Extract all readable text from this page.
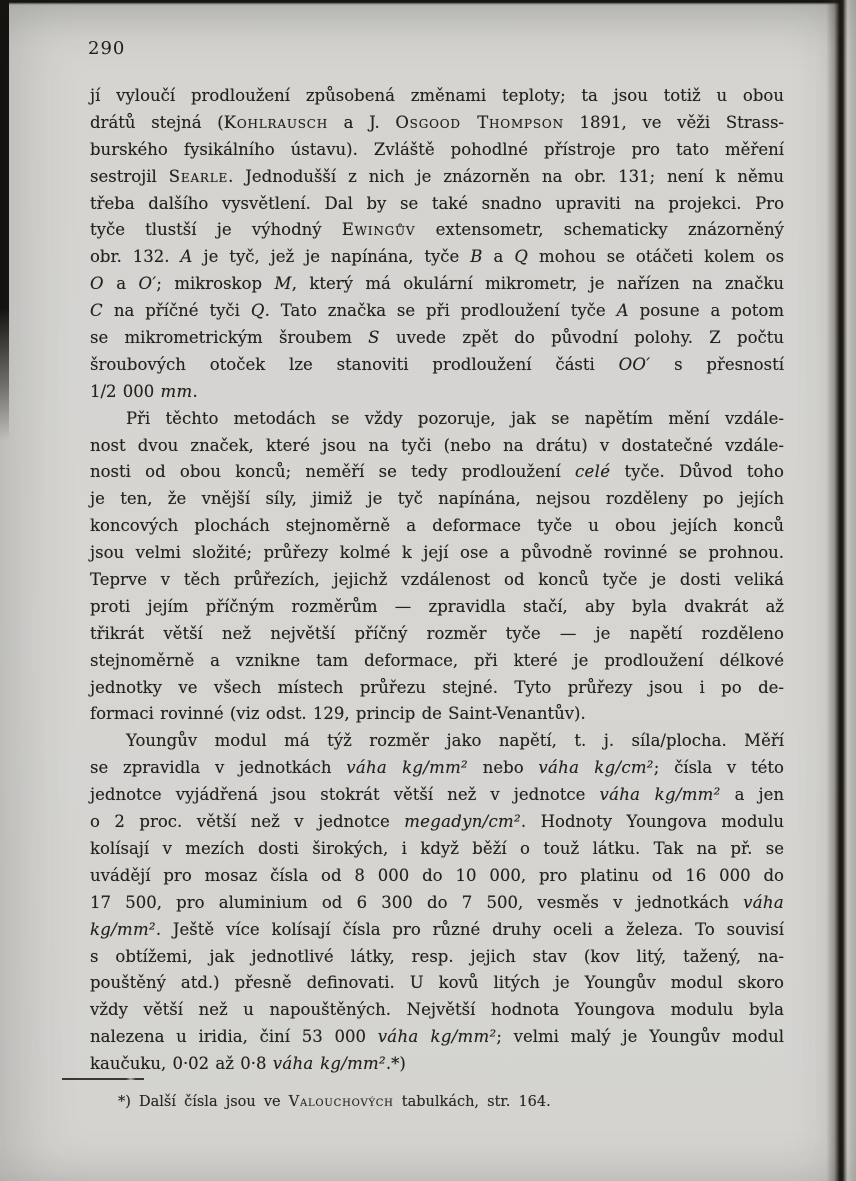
290
jí vyloučí prodloužení způsobená změnami teploty; ta jsou totiž u obou
drátů stejná (Kohlrausch a J. Osgood Thompson 1891, ve věži Strass-
burského fysikálního ústavu). Zvláště pohodlné přístroje pro tato měření
sestrojil Searle. Jednodušší z nich je znázorněn na obr. 131; není k němu
třeba dalšího vysvětlení. Dal by se také snadno upraviti na projekci. Pro
tyče tlustší je výhodný Ewingův extensometr, schematicky znázorněný
obr. 132. A je tyč, jež je napínána, tyče B a Q mohou se otáčeti kolem os
O a O′; mikroskop M, který má okulární mikrometr, je nařízen na značku
C na příčné tyči Q. Tato značka se při prodloužení tyče A posune a potom
se mikrometrickým šroubem S uvede zpět do původní polohy. Z počtu
šroubových otoček lze stanoviti prodloužení části OO′ s přesností
1/2 000 mm.
Při těchto metodách se vždy pozoruje, jak se napětím mění vzdále-
nost dvou značek, které jsou na tyči (nebo na drátu) v dostatečné vzdále-
nosti od obou konců; neměří se tedy prodloužení celé tyče. Důvod toho
je ten, že vnější síly, jimiž je tyč napínána, nejsou rozděleny po jejích
koncových plochách stejnoměrně a deformace tyče u obou jejích konců
jsou velmi složité; průřezy kolmé k její ose a původně rovinné se prohnou.
Teprve v těch průřezích, jejichž vzdálenost od konců tyče je dosti veliká
proti jejím příčným rozměrům — zpravidla stačí, aby byla dvakrát až
třikrát větší než největší příčný rozměr tyče — je napětí rozděleno
stejnoměrně a vznikne tam deformace, při které je prodloužení délkové
jednotky ve všech místech průřezu stejné. Tyto průřezy jsou i po de-
formaci rovinné (viz odst. 129, princip de Saint-Venantův).
Youngův modul má týž rozměr jako napětí, t. j. síla/plocha. Měří
se zpravidla v jednotkách váha kg/mm² nebo váha kg/cm²; čísla v této
jednotce vyjádřená jsou stokrát větší než v jednotce váha kg/mm² a jen
o 2 proc. větší než v jednotce megadyn/cm². Hodnoty Youngova modulu
kolísají v mezích dosti širokých, i když běží o touž látku. Tak na př. se
uvádějí pro mosaz čísla od 8 000 do 10 000, pro platinu od 16 000 do
17 500, pro aluminium od 6 300 do 7 500, vesměs v jednotkách váha
kg/mm². Ještě více kolísají čísla pro různé druhy oceli a železa. To souvisí
s obtížemi, jak jednotlivé látky, resp. jejich stav (kov litý, tažený, na-
pouštěný atd.) přesně definovati. U kovů litých je Youngův modul skoro
vždy větší než u napouštěných. Největší hodnota Youngova modulu byla
nalezena u iridia, činí 53 000 váha kg/mm²; velmi malý je Youngův modul
kaučuku, 0·02 až 0·8 váha kg/mm².*)
*) Další čísla jsou ve Valouchových tabulkách, str. 164.
